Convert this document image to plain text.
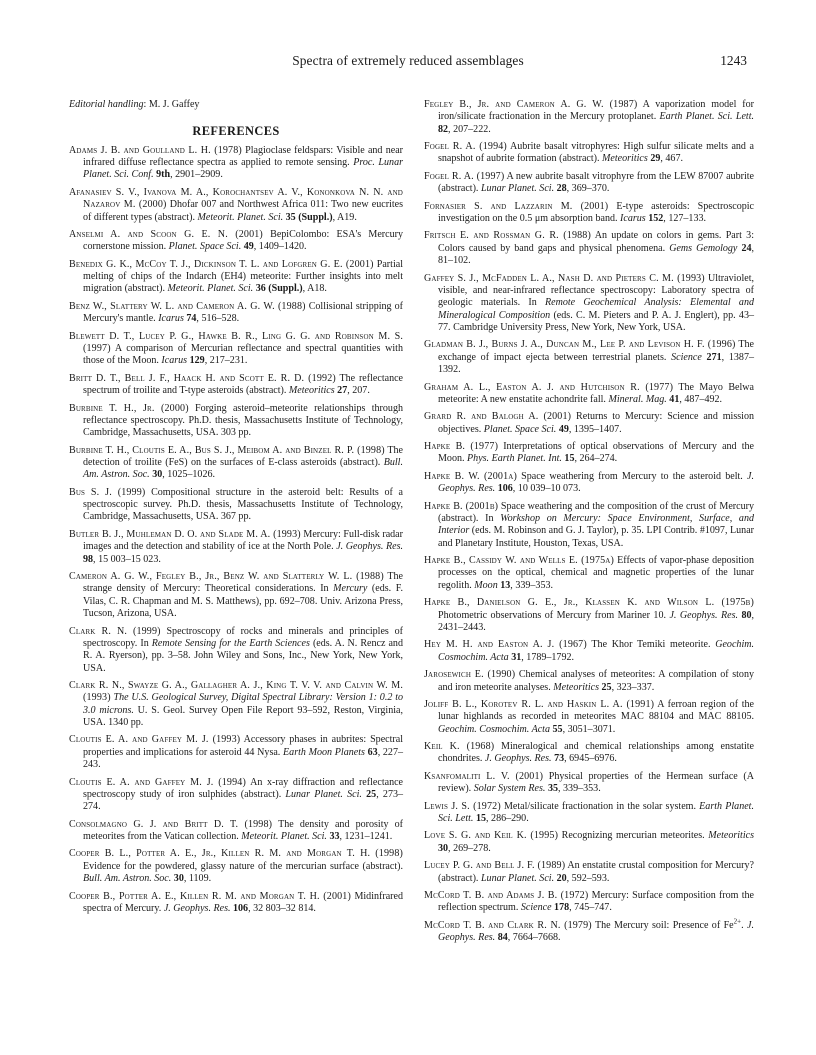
Spectra of extremely reduced assemblages	1243

Editorial handling: M. J. Gaffey

REFERENCES

Adams J. B. and Goulland L. H. (1978) Plagioclase feldspars: Visible and near infrared diffuse reflectance spectra as applied to remote sensing. Proc. Lunar Planet. Sci. Conf. 9th, 2901–2909.

Afanasiev S. V., Ivanova M. A., Korochantsev A. V., Kononkova N. N. and Nazarov M. (2000) Dhofar 007 and Northwest Africa 011: Two new eucrites of different types (abstract). Meteorit. Planet. Sci. 35 (Suppl.), A19.

Anselmi A. and Scoon G. E. N. (2001) BepiColombo: ESA's Mercury cornerstone mission. Planet. Space Sci. 49, 1409–1420.

Benedix G. K., McCoy T. J., Dickinson T. L. and Lofgren G. E. (2001) Partial melting of chips of the Indarch (EH4) meteorite: Further insights into melt migration (abstract). Meteorit. Planet. Sci. 36 (Suppl.), A18.

Benz W., Slattery W. L. and Cameron A. G. W. (1988) Collisional stripping of Mercury's mantle. Icarus 74, 516–528.

Blewett D. T., Lucey P. G., Hawke B. R., Ling G. G. and Robinson M. S. (1997) A comparison of Mercurian reflectance and spectral quantities with those of the Moon. Icarus 129, 217–231.

Britt D. T., Bell J. F., Haack H. and Scott E. R. D. (1992) The reflectance spectrum of troilite and T-type asteroids (abstract). Meteoritics 27, 207.

Burbine T. H., Jr. (2000) Forging asteroid–meteorite relationships through reflectance spectroscopy. Ph.D. thesis, Massachusetts Institute of Technology, Cambridge, Massachusetts, USA. 303 pp.

Burbine T. H., Cloutis E. A., Bus S. J., Meibom A. and Binzel R. P. (1998) The detection of troilite (FeS) on the surfaces of E-class asteroids (abstract). Bull. Am. Astron. Soc. 30, 1025–1026.

Bus S. J. (1999) Compositional structure in the asteroid belt: Results of a spectroscopic survey. Ph.D. thesis, Massachusetts Institute of Technology, Cambridge, Massachusetts, USA. 367 pp.

Butler B. J., Muhleman D. O. and Slade M. A. (1993) Mercury: Full-disk radar images and the detection and stability of ice at the North Pole. J. Geophys. Res. 98, 15 003–15 023.

Cameron A. G. W., Fegley B., Jr., Benz W. and Slatterly W. L. (1988) The strange density of Mercury: Theoretical considerations. In Mercury (eds. F. Vilas, C. R. Chapman and M. S. Matthews), pp. 692–708. Univ. Arizona Press, Tucson, Arizona, USA.

Clark R. N. (1999) Spectroscopy of rocks and minerals and principles of spectroscopy. In Remote Sensing for the Earth Sciences (eds. A. N. Rencz and R. A. Ryerson), pp. 3–58. John Wiley and Sons, Inc., New York, New York, USA.

Clark R. N., Swayze G. A., Gallagher A. J., King T. V. V. and Calvin W. M. (1993) The U.S. Geological Survey, Digital Spectral Library: Version 1: 0.2 to 3.0 microns. U. S. Geol. Survey Open File Report 93–592, Reston, Virginia, USA. 1340 pp.

Cloutis E. A. and Gaffey M. J. (1993) Accessory phases in aubrites: Spectral properties and implications for asteroid 44 Nysa. Earth Moon Planets 63, 227–243.

Cloutis E. A. and Gaffey M. J. (1994) An x-ray diffraction and reflectance spectroscopy study of iron sulphides (abstract). Lunar Planet. Sci. 25, 273–274.

Consolmagno G. J. and Britt D. T. (1998) The density and porosity of meteorites from the Vatican collection. Meteorit. Planet. Sci. 33, 1231–1241.

Cooper B. L., Potter A. E., Jr., Killen R. M. and Morgan T. H. (1998) Evidence for the powdered, glassy nature of the mercurian surface (abstract). Bull. Am. Astron. Soc. 30, 1109.

Cooper B., Potter A. E., Killen R. M. and Morgan T. H. (2001) Midinfrared spectra of Mercury. J. Geophys. Res. 106, 32 803–32 814.

Fegley B., Jr. and Cameron A. G. W. (1987) A vaporization model for iron/silicate fractionation in the Mercury protoplanet. Earth Planet. Sci. Lett. 82, 207–222.

Fogel R. A. (1994) Aubrite basalt vitrophyres: High sulfur silicate melts and a snapshot of aubrite formation (abstract). Meteoritics 29, 467.

Fogel R. A. (1997) A new aubrite basalt vitrophyre from the LEW 87007 aubrite (abstract). Lunar Planet. Sci. 28, 369–370.

Fornasier S. and Lazzarin M. (2001) E-type asteroids: Spectroscopic investigation on the 0.5 μm absorption band. Icarus 152, 127–133.

Fritsch E. and Rossman G. R. (1988) An update on colors in gems. Part 3: Colors caused by band gaps and physical phenomena. Gems Gemology 24, 81–102.

Gaffey S. J., McFadden L. A., Nash D. and Pieters C. M. (1993) Ultraviolet, visible, and near-infrared reflectance spectroscopy: Laboratory spectra of geologic materials. In Remote Geochemical Analysis: Elemental and Mineralogical Composition (eds. C. M. Pieters and P. A. J. Englert), pp. 43–77. Cambridge University Press, New York, New York, USA.

Gladman B. J., Burns J. A., Duncan M., Lee P. and Levison H. F. (1996) The exchange of impact ejecta between terrestrial planets. Science 271, 1387–1392.

Graham A. L., Easton A. J. and Hutchison R. (1977) The Mayo Belwa meteorite: A new enstatite achondrite fall. Mineral. Mag. 41, 487–492.

Grard R. and Balogh A. (2001) Returns to Mercury: Science and mission objectives. Planet. Space Sci. 49, 1395–1407.

Hapke B. (1977) Interpretations of optical observations of Mercury and the Moon. Phys. Earth Planet. Int. 15, 264–274.

Hapke B. W. (2001a) Space weathering from Mercury to the asteroid belt. J. Geophys. Res. 106, 10 039–10 073.

Hapke B. (2001b) Space weathering and the composition of the crust of Mercury (abstract). In Workshop on Mercury: Space Environment, Surface, and Interior (eds. M. Robinson and G. J. Taylor), p. 35. LPI Contrib. #1097, Lunar and Planetary Institute, Houston, Texas, USA.

Hapke B., Cassidy W. and Wells E. (1975a) Effects of vapor-phase deposition processes on the optical, chemical and magnetic properties of the lunar regolith. Moon 13, 339–353.

Hapke B., Danielson G. E., Jr., Klassen K. and Wilson L. (1975b) Photometric observations of Mercury from Mariner 10. J. Geophys. Res. 80, 2431–2443.

Hey M. H. and Easton A. J. (1967) The Khor Temiki meteorite. Geochim. Cosmochim. Acta 31, 1789–1792.

Jarosewich E. (1990) Chemical analyses of meteorites: A compilation of stony and iron meteorite analyses. Meteoritics 25, 323–337.

Joliff B. L., Korotev R. L. and Haskin L. A. (1991) A ferroan region of the lunar highlands as recorded in meteorites MAC 88104 and MAC 88105. Geochim. Cosmochim. Acta 55, 3051–3071.

Keil K. (1968) Mineralogical and chemical relationships among enstatite chondrites. J. Geophys. Res. 73, 6945–6976.

Ksanfomaliti L. V. (2001) Physical properties of the Hermean surface (A review). Solar System Res. 35, 339–353.

Lewis J. S. (1972) Metal/silicate fractionation in the solar system. Earth Planet. Sci. Lett. 15, 286–290.

Love S. G. and Keil K. (1995) Recognizing mercurian meteorites. Meteoritics 30, 269–278.

Lucey P. G. and Bell J. F. (1989) An enstatite crustal composition for Mercury? (abstract). Lunar Planet. Sci. 20, 592–593.

McCord T. B. and Adams J. B. (1972) Mercury: Surface composition from the reflection spectrum. Science 178, 745–747.

McCord T. B. and Clark R. N. (1979) The Mercury soil: Presence of $Fe^{2+}$. J. Geophys. Res. 84, 7664–7668.
